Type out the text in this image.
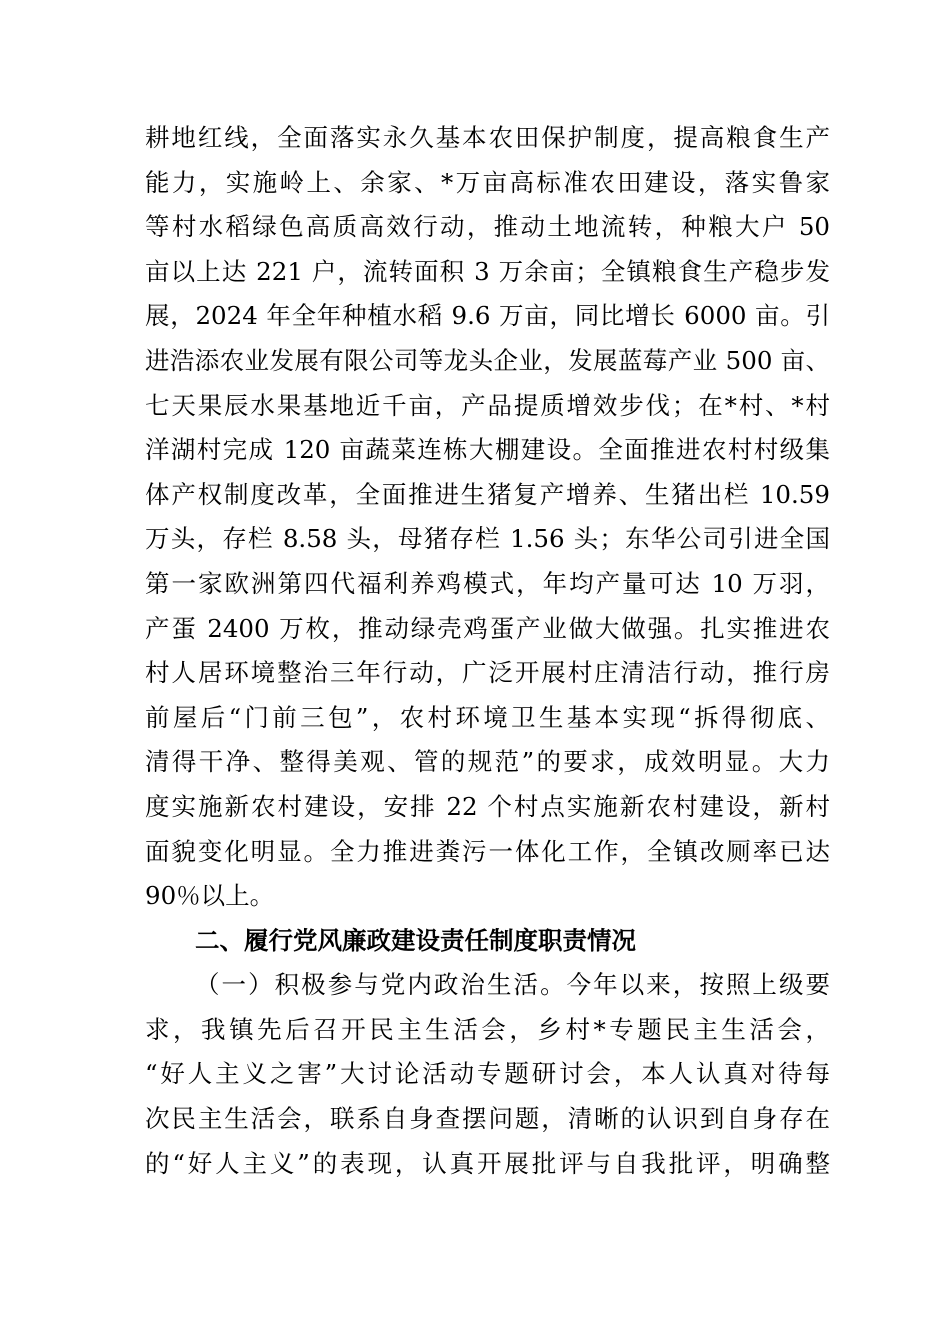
耕地红线，全面落实永久基本农田保护制度，提高粮食生产
能力，实施岭上、余家、*万亩高标准农田建设，落实鲁家
等村水稻绿色高质高效行动，推动土地流转，种粮大户 50
亩以上达 221 户，流转面积 3 万余亩；全镇粮食生产稳步发
展，2024 年全年种植水稻 9.6 万亩，同比增长 6000 亩。引
进浩添农业发展有限公司等龙头企业，发展蓝莓产业 500 亩、
七天果辰水果基地近千亩，产品提质增效步伐；在*村、*村
洋湖村完成 120 亩蔬菜连栋大棚建设。全面推进农村村级集
体产权制度改革，全面推进生猪复产增养、生猪出栏 10.59
万头，存栏 8.58 头，母猪存栏 1.56 头；东华公司引进全国
第一家欧洲第四代福利养鸡模式，年均产量可达 10 万羽，
产蛋 2400 万枚，推动绿壳鸡蛋产业做大做强。扎实推进农
村人居环境整治三年行动，广泛开展村庄清洁行动，推行房
前屋后“门前三包”，农村环境卫生基本实现“拆得彻底、
清得干净、整得美观、管的规范”的要求，成效明显。大力
度实施新农村建设，安排 22 个村点实施新农村建设，新村
面貌变化明显。全力推进粪污一体化工作，全镇改厕率已达
90％以上。
二、履行党风廉政建设责任制度职责情况
（一）积极参与党内政治生活。今年以来，按照上级要
求，我镇先后召开民主生活会，乡村*专题民主生活会，
“好人主义之害”大讨论活动专题研讨会，本人认真对待每
次民主生活会，联系自身查摆问题，清晰的认识到自身存在
的“好人主义”的表现，认真开展批评与自我批评，明确整
